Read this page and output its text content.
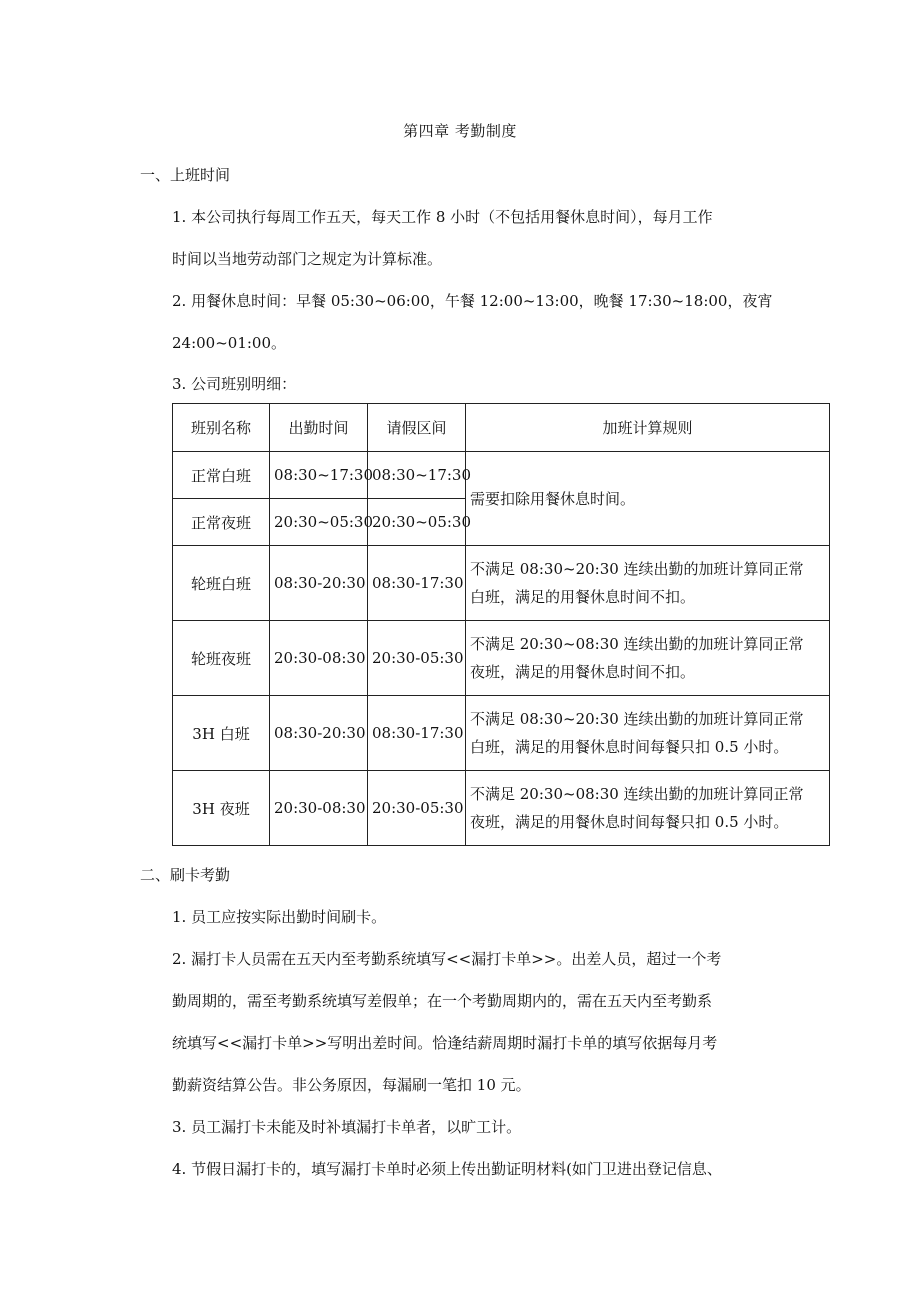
第四章 考勤制度
一、上班时间
1. 本公司执行每周工作五天，每天工作 8 小时（不包括用餐休息时间），每月工作
时间以当地劳动部门之规定为计算标准。
2. 用餐休息时间：早餐 05:30~06:00，午餐 12:00~13:00，晚餐 17:30~18:00，夜宵
24:00~01:00。
3. 公司班别明细：
班别名称	出勤时间	请假区间	加班计算规则
正常白班	08:30~17:30	08:30~17:30	需要扣除用餐休息时间。
正常夜班	20:30~05:30	20:30~05:30	
轮班白班	08:30-20:30	08:30-17:30	不满足 08:30~20:30 连续出勤的加班计算同正常
白班，满足的用餐休息时间不扣。

轮班夜班	20:30-08:30	20:30-05:30	不满足 20:30~08:30 连续出勤的加班计算同正常
夜班，满足的用餐休息时间不扣。

3H 白班	08:30-20:30	08:30-17:30	不满足 08:30~20:30 连续出勤的加班计算同正常
白班，满足的用餐休息时间每餐只扣 0.5 小时。

3H 夜班	20:30-08:30	20:30-05:30	不满足 20:30~08:30 连续出勤的加班计算同正常
夜班，满足的用餐休息时间每餐只扣 0.5 小时。
二、刷卡考勤
1. 员工应按实际出勤时间刷卡。
2. 漏打卡人员需在五天内至考勤系统填写<<漏打卡单>>。出差人员，超过一个考
勤周期的，需至考勤系统填写差假单；在一个考勤周期内的，需在五天内至考勤系
统填写<<漏打卡单>>写明出差时间。恰逢结薪周期时漏打卡单的填写依据每月考
勤薪资结算公告。非公务原因，每漏刷一笔扣 10 元。
3. 员工漏打卡未能及时补填漏打卡单者，以旷工计。
4. 节假日漏打卡的，填写漏打卡单时必须上传出勤证明材料(如门卫进出登记信息、
